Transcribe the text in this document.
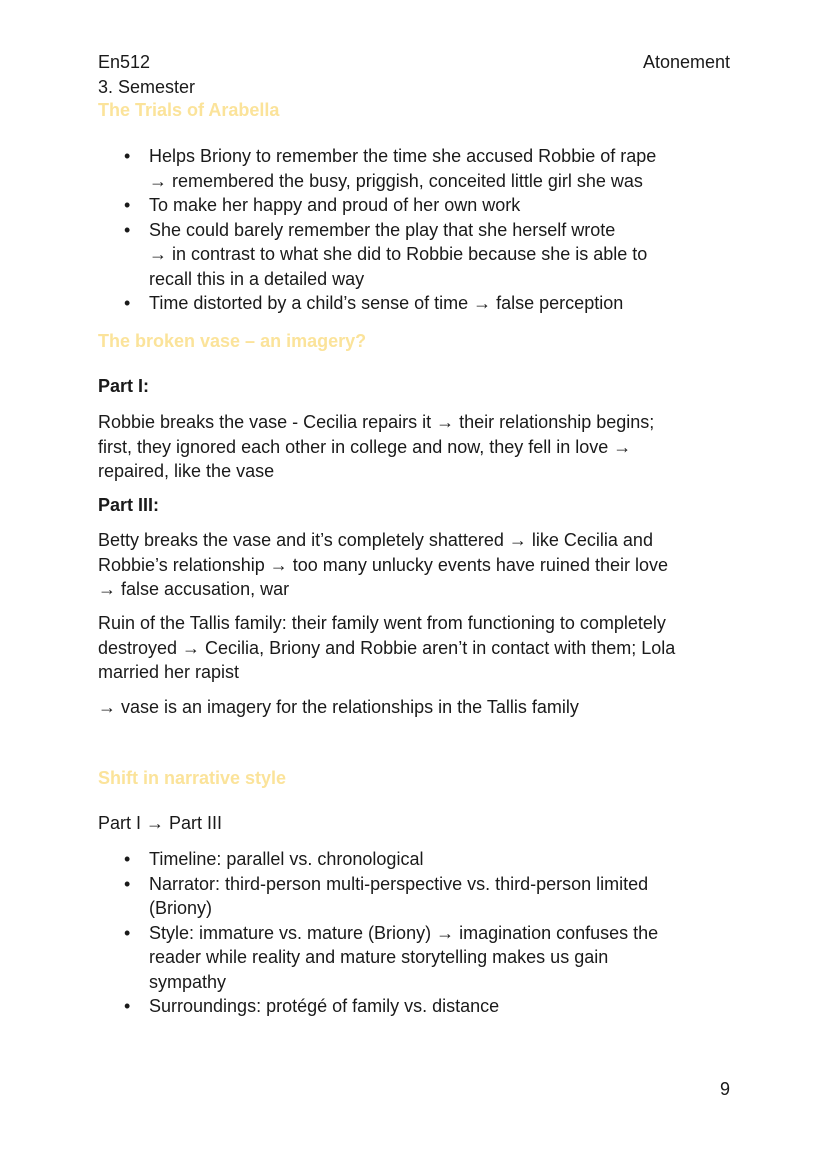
En512
3. Semester
Atonement
The Trials of Arabella
• Helps Briony to remember the time she accused Robbie of rape
→ remembered the busy, priggish, conceited little girl she was
• To make her happy and proud of her own work
• She could barely remember the play that she herself wrote
→ in contrast to what she did to Robbie because she is able to
recall this in a detailed way
• Time distorted by a child’s sense of time → false perception
The broken vase – an imagery?
Part I:
Robbie breaks the vase - Cecilia repairs it → their relationship begins;
first, they ignored each other in college and now, they fell in love →
repaired, like the vase
Part III:
Betty breaks the vase and it’s completely shattered → like Cecilia and
Robbie’s relationship → too many unlucky events have ruined their love
→ false accusation, war
Ruin of the Tallis family: their family went from functioning to completely
destroyed → Cecilia, Briony and Robbie aren’t in contact with them; Lola
married her rapist
→ vase is an imagery for the relationships in the Tallis family
Shift in narrative style
Part I → Part III
• Timeline: parallel vs. chronological
• Narrator: third-person multi-perspective vs. third-person limited
(Briony)
• Style: immature vs. mature (Briony) → imagination confuses the
reader while reality and mature storytelling makes us gain
sympathy
• Surroundings: protégé of family vs. distance
9
